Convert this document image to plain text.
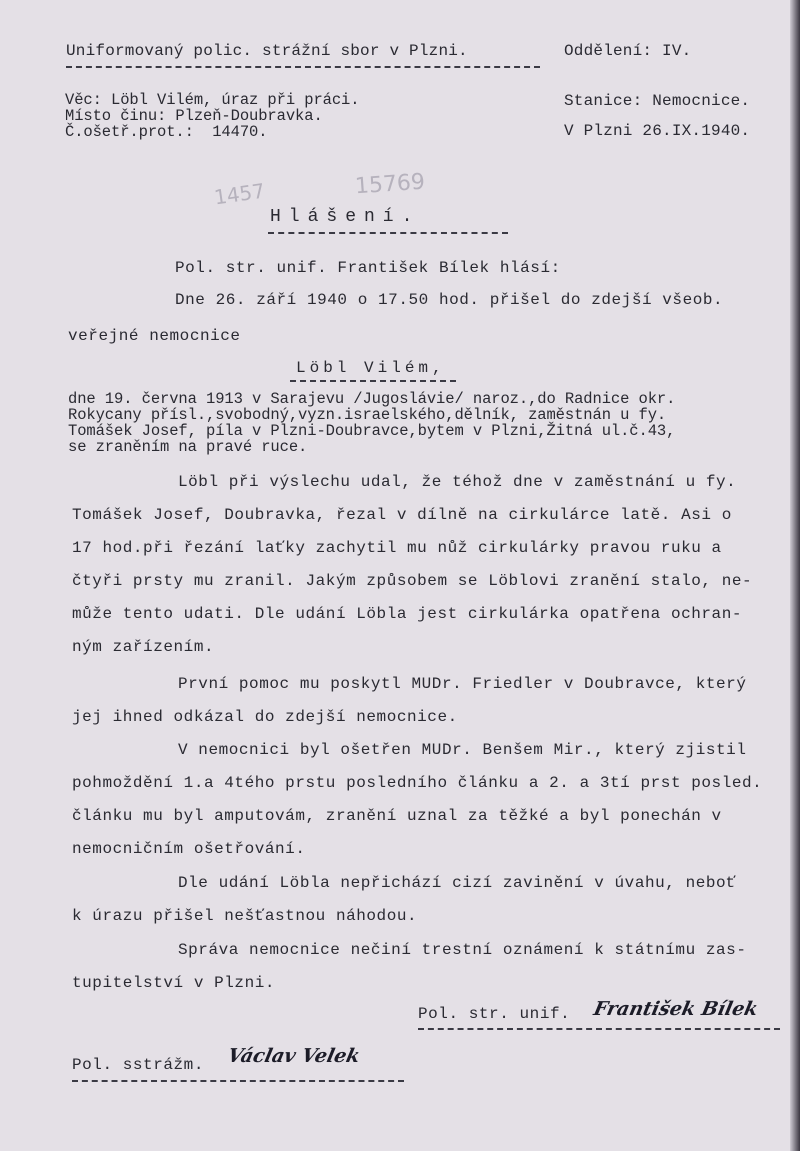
Uniformovaný polic. strážní sbor v Plzni.	Oddělení: IV.
Věc: Löbl Vilém, úraz při práci.	Stanice: Nemocnice.
Místo činu: Plzeň-Doubravka.
Č.ošetř.prot.:  14470.	V Plzni 26.IX.1940.
1457	15769
Hlášení.
Pol. str. unif. František Bílek hlásí:
Dne 26. září 1940 o 17.50 hod. přišel do zdejší všeob.
veřejné nemocnice
Löbl Vilém,
dne 19. června 1913 v Sarajevu /Jugoslávie/ naroz.,do Radnice okr.
Rokycany přísl.,svobodný,vyzn.israelského,dělník, zaměstnán u fy.
Tomášek Josef, píla v Plzni-Doubravce,bytem v Plzni,Žitná ul.č.43,
se zraněním na pravé ruce.
Löbl při výslechu udal, že téhož dne v zaměstnání u fy.
Tomášek Josef, Doubravka, řezal v dílně na cirkulárce latě. Asi o
17 hod.při řezání laťky zachytil mu nůž cirkulárky pravou ruku a
čtyři prsty mu zranil. Jakým způsobem se Löblovi zranění stalo, ne-
může tento udati. Dle udání Löbla jest cirkulárka opatřena ochran-
ným zařízením.
První pomoc mu poskytl MUDr. Friedler v Doubravce, který
jej ihned odkázal do zdejší nemocnice.
V nemocnici byl ošetřen MUDr. Benšem Mir., který zjistil
pohmoždění 1.a 4tého prstu posledního článku a 2. a 3tí prst posled.
článku mu byl amputovám, zranění uznal za těžké a byl ponechán v
nemocničním ošetřování.
Dle udání Löbla nepřichází cizí zavinění v úvahu, neboť
k úrazu přišel nešťastnou náhodou.
Správa nemocnice nečiní trestní oznámení k státnímu zas-
tupitelství v Plzni.
Pol. str. unif. František Bílek
Pol. sstrážm. Václav Velek
